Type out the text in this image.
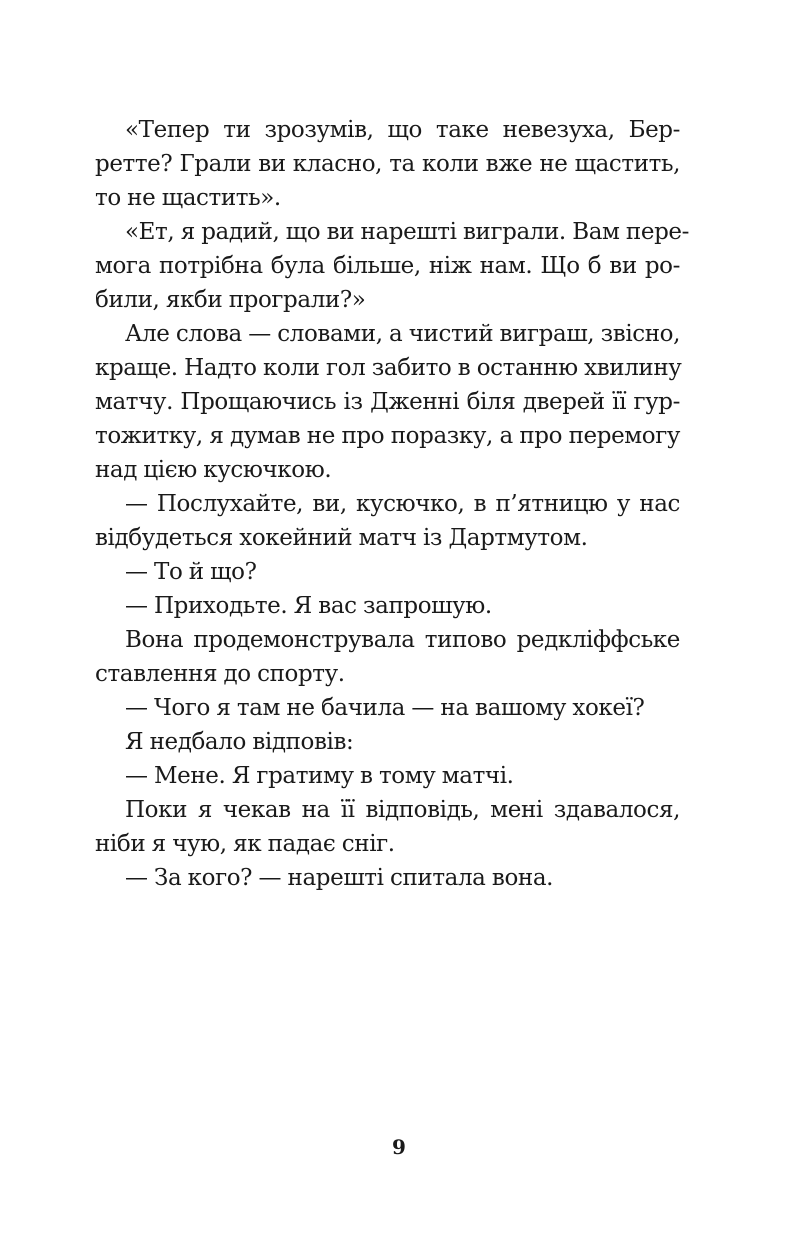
«Тепер ти зрозумів, що таке невезуха, Бер-
ретте? Грали ви класно, та коли вже не щастить,
то не щастить».
«Ет, я радий, що ви нарешті виграли. Вам пере-
мога потрібна була більше, ніж нам. Що б ви ро-
били, якби програли?»
Але слова — словами, а чистий виграш, звісно,
краще. Надто коли гол забито в останню хвилину
матчу. Прощаючись із Дженні біля дверей її гур-
тожитку, я думав не про поразку, а про перемогу
над цією кусючкою.
— Послухайте, ви, кусючко, в п’ятницю у нас
відбудеться хокейний матч із Дартмутом.
— То й що?
— Приходьте. Я вас запрошую.
Вона продемонструвала типово редкліффське
ставлення до спорту.
— Чого я там не бачила — на вашому хокеї?
Я недбало відповів:
— Мене. Я гратиму в тому матчі.
Поки я чекав на її відповідь, мені здавалося,
ніби я чую, як падає сніг.
— За кого? — нарешті спитала вона.
9
